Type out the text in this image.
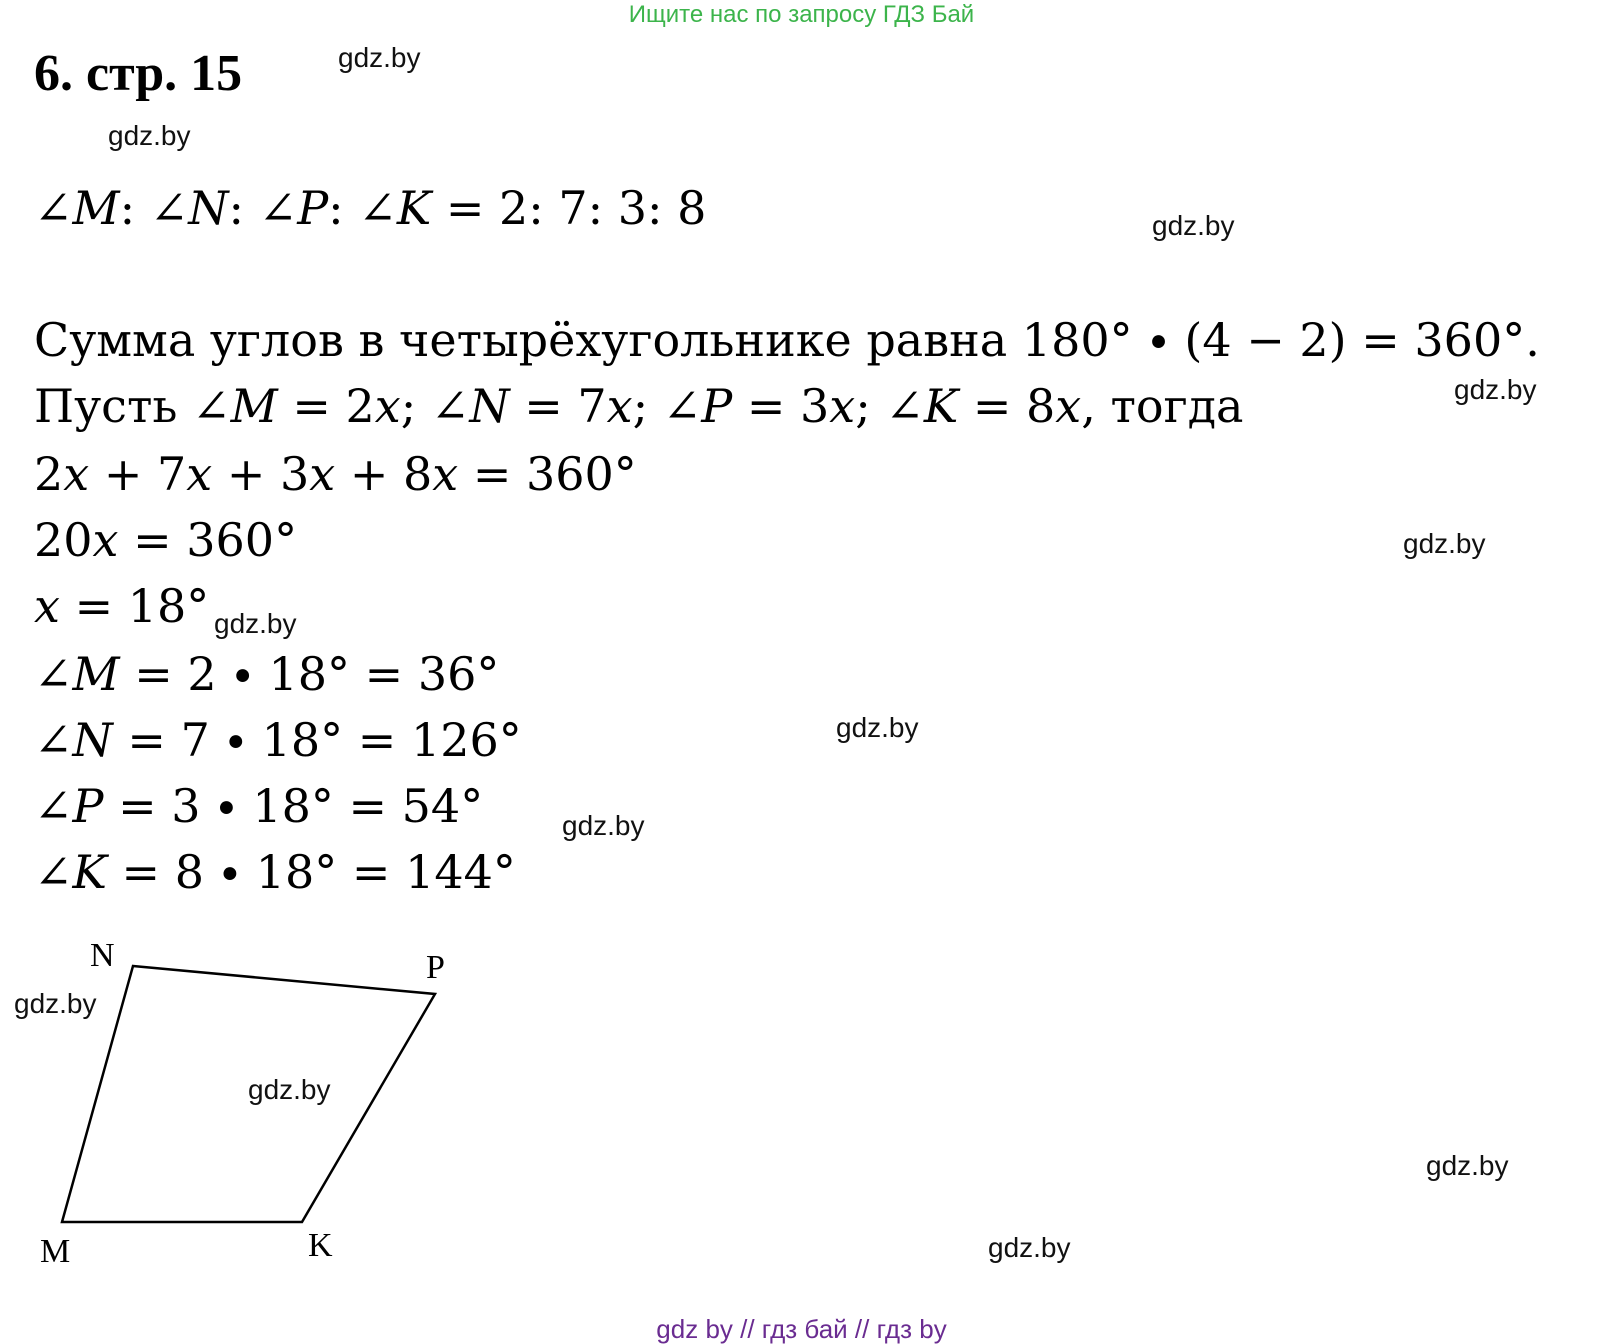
Ищите нас по запросу ГДЗ Бай
6. стр. 15
∠𝑀: ∠𝑁: ∠𝑃: ∠𝐾 = 2: 7: 3: 8
Сумма углов в четырёхугольнике равна 180° ∙ (4 − 2) = 360°.
Пусть ∠𝑀 = 2𝑥; ∠𝑁 = 7𝑥; ∠𝑃 = 3𝑥; ∠𝐾 = 8𝑥, тогда
2𝑥 + 7𝑥 + 3𝑥 + 8𝑥 = 360°
20𝑥 = 360°
𝑥 = 18°
∠𝑀 = 2 ∙ 18° = 36°
∠𝑁 = 7 ∙ 18° = 126°
∠𝑃 = 3 ∙ 18° = 54°
∠𝐾 = 8 ∙ 18° = 144°
gdz.by
gdz.by
gdz.by
gdz.by
gdz.by
gdz.by
gdz.by
gdz.by
gdz.by
gdz.by
gdz.by
gdz.by
N	P
M	K
gdz by // гдз бай // гдз by
